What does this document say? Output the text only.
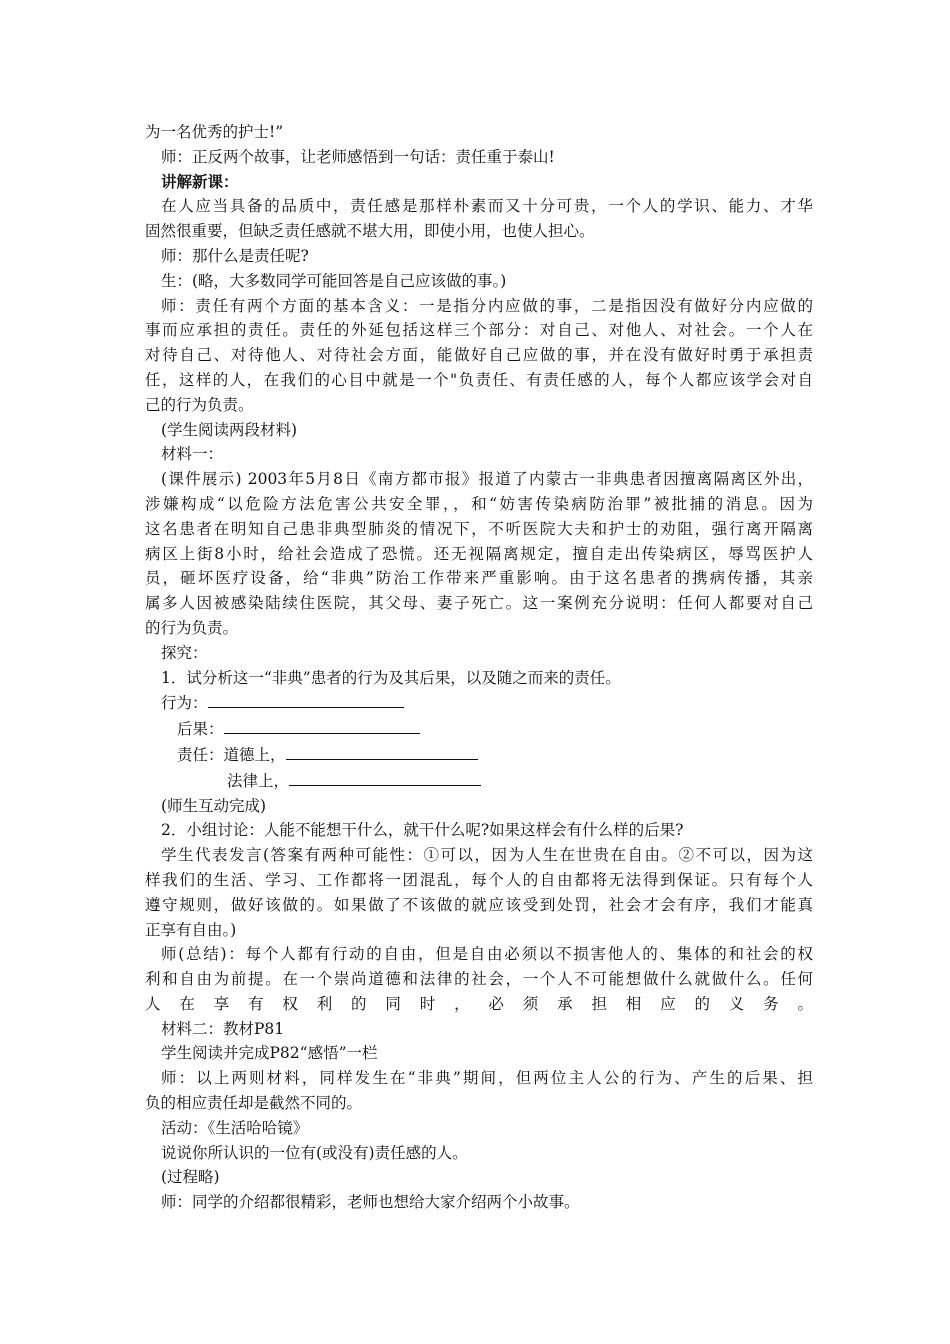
为一名优秀的护士!”
师：正反两个故事，让老师感悟到一句话：责任重于泰山!
讲解新课：
在人应当具备的品质中，责任感是那样朴素而又十分可贵，一个人的学识、能力、才华
固然很重要，但缺乏责任感就不堪大用，即使小用，也使人担心。
师：那什么是责任呢?
生：(略，大多数同学可能回答是自己应该做的事。)
师：责任有两个方面的基本含义：一是指分内应做的事，二是指因没有做好分内应做的
事而应承担的责任。责任的外延包括这样三个部分：对自己、对他人、对社会。一个人在
对待自己、对待他人、对待社会方面，能做好自己应做的事，并在没有做好时勇于承担责
任，这样的人，在我们的心目中就是一个"负责任、有责任感的人，每个人都应该学会对自
己的行为负责。
(学生阅读两段材料)
材料一：
(课件展示) 2003年5月8日《南方都市报》报道了内蒙古一非典患者因擅离隔离区外出，
涉嫌构成“以危险方法危害公共安全罪，，和“妨害传染病防治罪”被批捕的消息。因为
这名患者在明知自己患非典型肺炎的情况下，不听医院大夫和护士的劝阻，强行离开隔离
病区上街8小时，给社会造成了恐慌。还无视隔离规定，擅自走出传染病区，辱骂医护人
员，砸坏医疗设备，给“非典”防治工作带来严重影响。由于这名患者的携病传播，其亲
属多人因被感染陆续住医院，其父母、妻子死亡。这一案例充分说明：任何人都要对自己
的行为负责。
探究：
1．试分析这一“非典”患者的行为及其后果，以及随之而来的责任。
行为：
后果：
责任：道德上，
法律上，
(师生互动完成)
2．小组讨论：人能不能想干什么，就干什么呢?如果这样会有什么样的后果?
学生代表发言(答案有两种可能性：①可以，因为人生在世贵在自由。②不可以，因为这
样我们的生活、学习、工作都将一团混乱，每个人的自由都将无法得到保证。只有每个人
遵守规则，做好该做的。如果做了不该做的就应该受到处罚，社会才会有序，我们才能真
正享有自由。)
师(总结)：每个人都有行动的自由，但是自由必须以不损害他人的、集体的和社会的权
利和自由为前提。在一个崇尚道德和法律的社会，一个人不可能想做什么就做什么。任何
人在享有权利的同时，必须承担相应的义务。
材料二：教材P81
学生阅读并完成P82“感悟”一栏
师：以上两则材料，同样发生在“非典”期间，但两位主人公的行为、产生的后果、担
负的相应责任却是截然不同的。
活动：《生活哈哈镜》
说说你所认识的一位有(或没有)责任感的人。
(过程略)
师：同学的介绍都很精彩，老师也想给大家介绍两个小故事。
